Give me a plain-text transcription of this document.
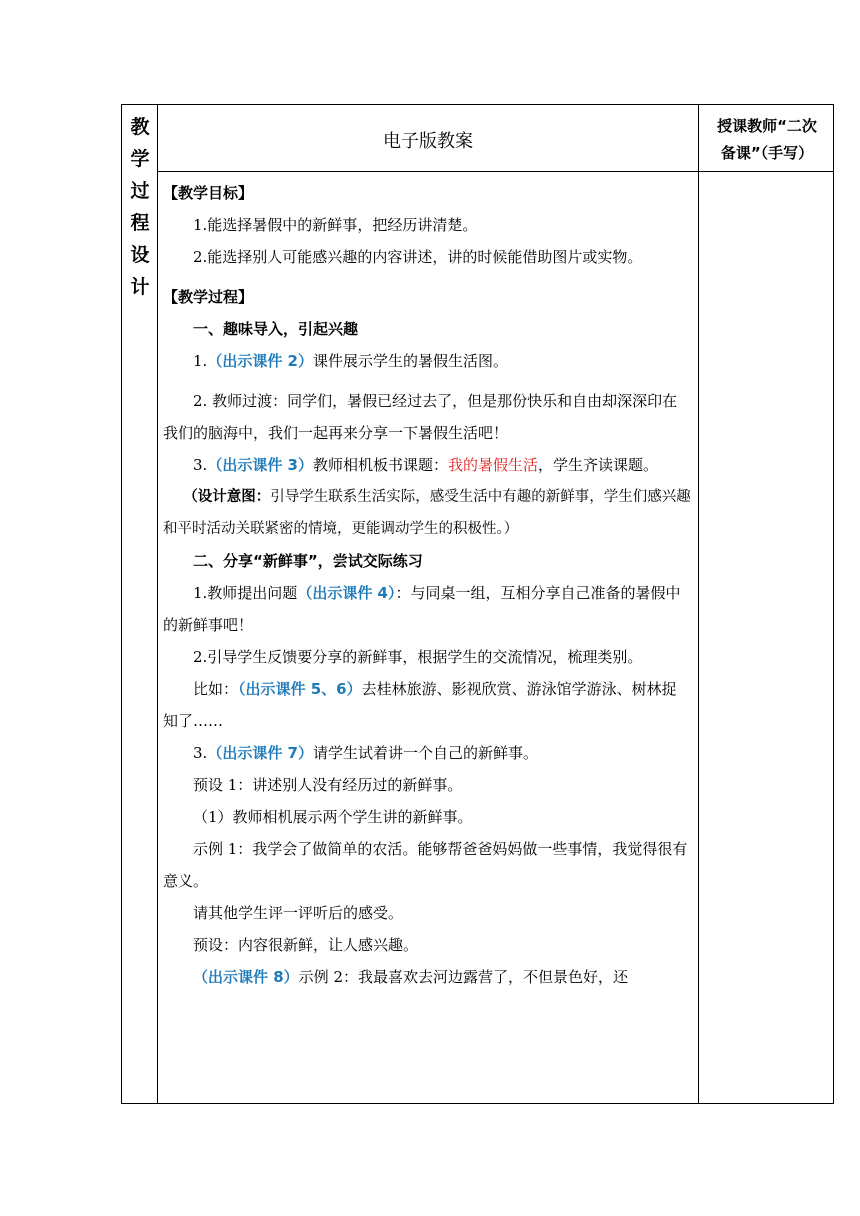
教
学
过
程
设
计
电子版教案
授课教师“二次
备课”（手写）

【教学目标】

1.能选择暑假中的新鲜事，把经历讲清楚。

2.能选择别人可能感兴趣的内容讲述，讲的时候能借助图片或实物。

【教学过程】

一、趣味导入，引起兴趣

1.（出示课件 2）课件展示学生的暑假生活图。

2. 教师过渡：同学们，暑假已经过去了，但是那份快乐和自由却深深印在我们的脑海中，我们一起再来分享一下暑假生活吧！

3.（出示课件 3）教师相机板书课题：我的暑假生活，学生齐读课题。

（设计意图：引导学生联系生活实际，感受生活中有趣的新鲜事，学生们感兴趣和平时活动关联紧密的情境，更能调动学生的积极性。）

二、分享“新鲜事”，尝试交际练习

1.教师提出问题（出示课件 4）：与同桌一组，互相分享自己准备的暑假中的新鲜事吧！

2.引导学生反馈要分享的新鲜事，根据学生的交流情况，梳理类别。

比如：（出示课件 5、6）去桂林旅游、影视欣赏、游泳馆学游泳、树林捉知了……

3.（出示课件 7）请学生试着讲一个自己的新鲜事。

预设 1：讲述别人没有经历过的新鲜事。

（1）教师相机展示两个学生讲的新鲜事。

示例 1：我学会了做简单的农活。能够帮爸爸妈妈做一些事情，我觉得很有意义。

请其他学生评一评听后的感受。

预设：内容很新鲜，让人感兴趣。

（出示课件 8）示例 2：我最喜欢去河边露营了，不但景色好，还
